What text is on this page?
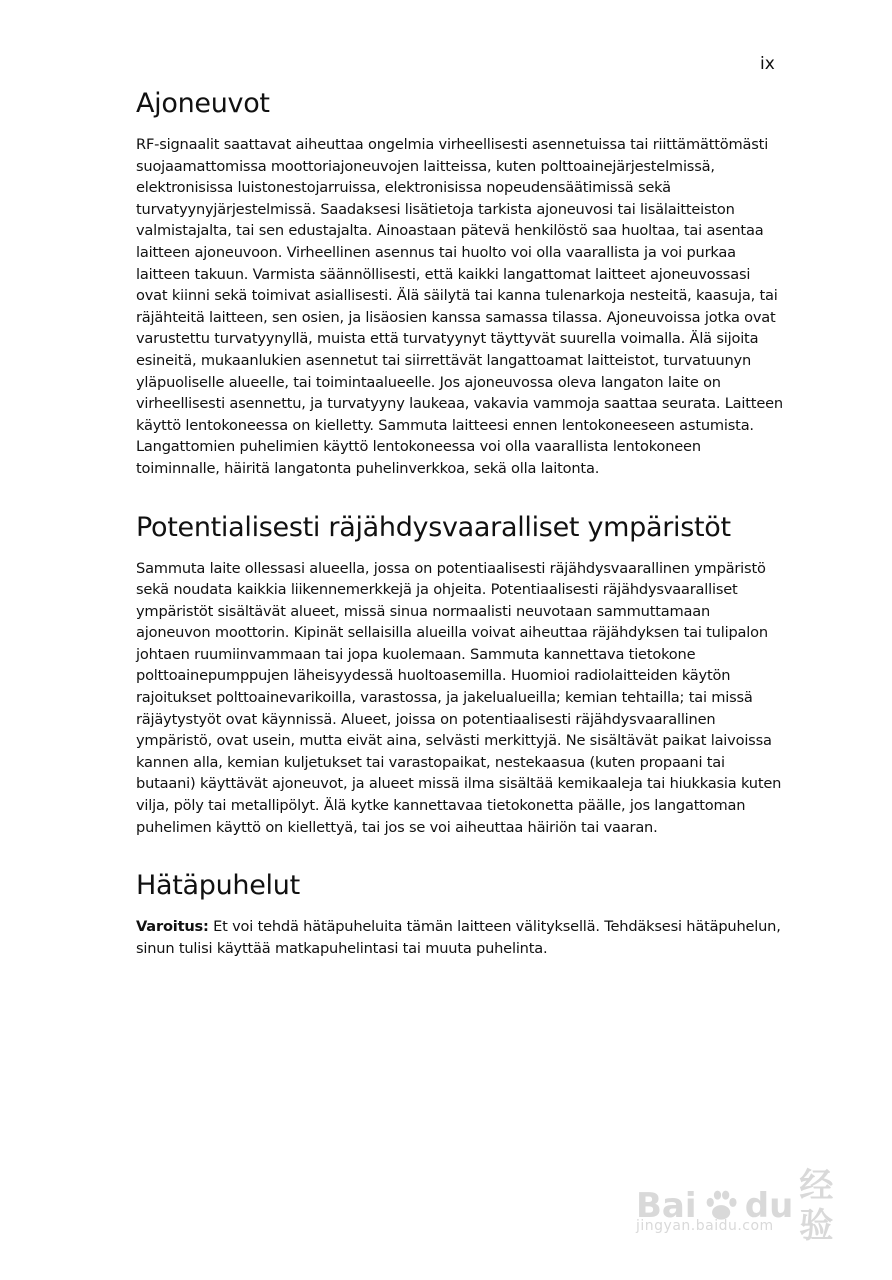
ix
Ajoneuvot

RF-signaalit saattavat aiheuttaa ongelmia virheellisesti asennetuissa tai riittämättömästi suojaamattomissa moottoriajoneuvojen laitteissa, kuten polttoainejärjestelmissä, elektronisissa luistonestojarruissa, elektronisissa nopeudensäätimissä sekä turvatyynyjärjestelmissä. Saadaksesi lisätietoja tarkista ajoneuvosi tai lisälaitteiston valmistajalta, tai sen edustajalta. Ainoastaan pätevä henkilöstö saa huoltaa, tai asentaa laitteen ajoneuvoon. Virheellinen asennus tai huolto voi olla vaarallista ja voi purkaa laitteen takuun. Varmista säännöllisesti, että kaikki langattomat laitteet ajoneuvossasi ovat kiinni sekä toimivat asiallisesti. Älä säilytä tai kanna tulenarkoja nesteitä, kaasuja, tai räjähteitä laitteen, sen osien, ja lisäosien kanssa samassa tilassa. Ajoneuvoissa jotka ovat varustettu turvatyynyllä, muista että turvatyynyt täyttyvät suurella voimalla. Älä sijoita esineitä, mukaanlukien asennetut tai siirrettävät langattoamat laitteistot, turvatuunyn yläpuoliselle alueelle, tai toimintaalueelle. Jos ajoneuvossa oleva langaton laite on virheellisesti asennettu, ja turvatyyny laukeaa, vakavia vammoja saattaa seurata. Laitteen käyttö lentokoneessa on kielletty. Sammuta laitteesi ennen lentokoneeseen astumista. Langattomien puhelimien käyttö lentokoneessa voi olla vaarallista lentokoneen toiminnalle, häiritä langatonta puhelinverkkoa, sekä olla laitonta.

Potentialisesti räjähdysvaaralliset ympäristöt

Sammuta laite ollessasi alueella, jossa on potentiaalisesti räjähdysvaarallinen ympäristö sekä noudata kaikkia liikennemerkkejä ja ohjeita. Potentiaalisesti räjähdysvaaralliset ympäristöt sisältävät alueet, missä sinua normaalisti neuvotaan sammuttamaan ajoneuvon moottorin. Kipinät sellaisilla alueilla voivat aiheuttaa räjähdyksen tai tulipalon johtaen ruumiinvammaan tai jopa kuolemaan. Sammuta kannettava tietokone polttoainepumppujen läheisyydessä huoltoasemilla. Huomioi radiolaitteiden käytön rajoitukset polttoainevarikoilla, varastossa, ja jakelualueilla; kemian tehtailla; tai missä räjäytystyöt ovat käynnissä. Alueet, joissa on potentiaalisesti räjähdysvaarallinen ympäristö, ovat usein, mutta eivät aina, selvästi merkittyjä. Ne sisältävät paikat laivoissa kannen alla, kemian kuljetukset tai varastopaikat, nestekaasua (kuten propaani tai butaani) käyttävät ajoneuvot, ja alueet missä ilma sisältää kemikaaleja tai hiukkasia kuten vilja, pöly tai metallipölyt. Älä kytke kannettavaa tietokonetta päälle, jos langattoman puhelimen käyttö on kiellettyä, tai jos se voi aiheuttaa häiriön tai vaaran.

Hätäpuhelut

Varoitus: Et voi tehdä hätäpuheluita tämän laitteen välityksellä. Tehdäksesi hätäpuhelun, sinun tulisi käyttää matkapuhelintasi tai muuta puhelinta.

Bai du 经验
jingyan.baidu.com
